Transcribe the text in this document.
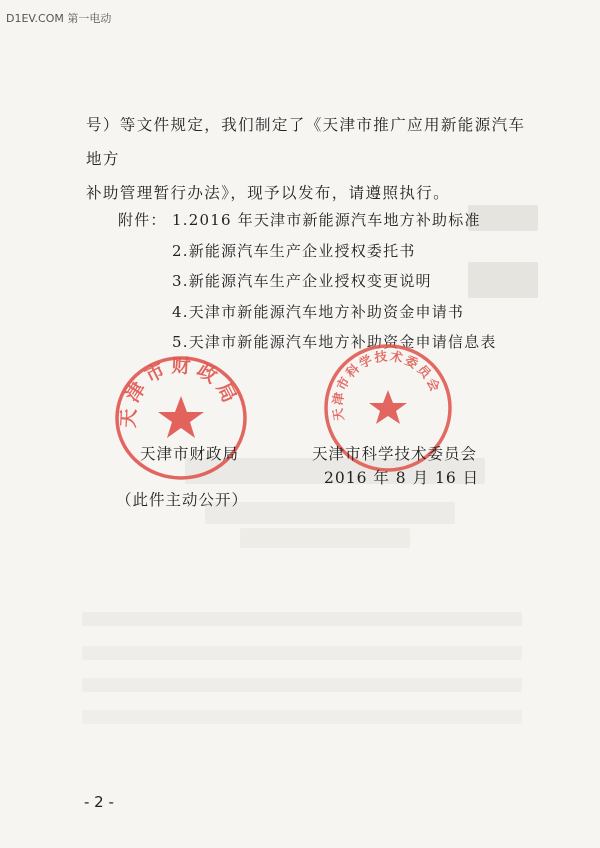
D1EV.COM 第一电动

号）等文件规定，我们制定了《天津市推广应用新能源汽车地方

补助管理暂行办法》，现予以发布，请遵照执行。

附件： 1.2016 年天津市新能源汽车地方补助标准
2.新能源汽车生产企业授权委托书
3.新能源汽车生产企业授权变更说明
4.天津市新能源汽车地方补助资金申请书
5.天津市新能源汽车地方补助资金申请信息表
天津市财政局
天津市科学技术委员会
天津市财政局	天津市科学技术委员会
2016 年 8 月 16 日
（此件主动公开）
- 2 -
